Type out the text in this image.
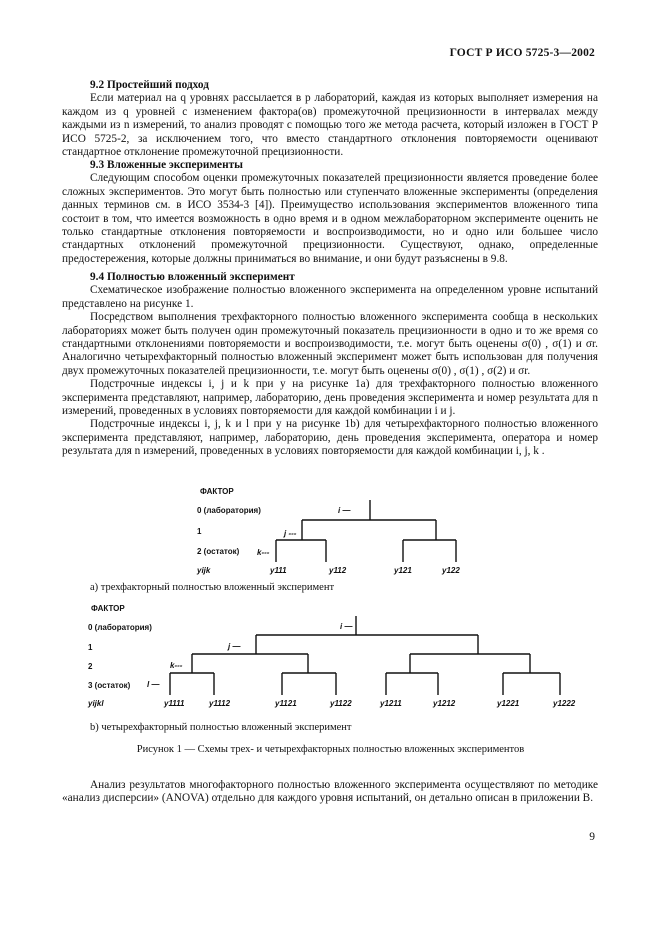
ГОСТ Р ИСО 5725-3—2002
9.2 Простейший подход

Если материал на q уровнях рассылается в p лабораторий, каждая из которых выполняет измерения на каждом из q уровней с изменением фактора(ов) промежуточной прецизионности в интервалах между каждыми из n измерений, то анализ проводят с помощью того же метода расчета, который изложен в ГОСТ Р ИСО 5725-2, за исключением того, что вместо стандартного отклонения повторяемости оценивают стандартное отклонение промежуточной прецизионности.

9.3 Вложенные эксперименты

Следующим способом оценки промежуточных показателей прецизионности является проведение более сложных экспериментов. Это могут быть полностью или ступенчато вложенные эксперименты (определения данных терминов см. в ИСО 3534-3 [4]). Преимущество использования экспериментов вложенного типа состоит в том, что имеется возможность в одно время и в одном межлабораторном эксперименте оценить не только стандартные отклонения повторяемости и воспроизводимости, но и одно или большее число стандартных отклонений промежуточной прецизионности. Существуют, однако, определенные предостережения, которые должны приниматься во внимание, и они будут разъяснены в 9.8.

9.4 Полностью вложенный эксперимент

Схематическое изображение полностью вложенного эксперимента на определенном уровне испытаний представлено на рисунке 1.

Посредством выполнения трехфакторного полностью вложенного эксперимента сообща в нескольких лабораториях может быть получен один промежуточный показатель прецизионности в одно и то же время со стандартными отклонениями повторяемости и воспроизводимости, т.е. могут быть оценены σ(0) , σ(1) и σr. Аналогично четырехфакторный полностью вложенный эксперимент может быть использован для получения двух промежуточных показателей прецизионности, т.е. могут быть оценены σ(0) , σ(1) , σ(2) и σr.

Подстрочные индексы i, j и k при y на рисунке 1а) для трехфакторного полностью вложенного эксперимента представляют, например, лабораторию, день проведения эксперимента и номер результата для n измерений, проведенных в условиях повторяемости для каждой комбинации i и j.

Подстрочные индексы i, j, k и l при y на рисунке 1b) для четырехфакторного полностью вложенного эксперимента представляют, например, лабораторию, день проведения эксперимента, оператора и номер результата для n измерений, проведенных в условиях повторяемости для каждой комбинации i, j, k .

ФАКТОР
0 (лаборатория)
1
2 (остаток)
yijk
i —
j ---
k---
y111	y112	y121	y122
а) трехфакторный полностью вложенный эксперимент
ФАКТОР
0 (лаборатория)
1
2
3 (остаток)
yijkl
i —
j —
k---
l —
y1111	y1112	y1121	y1122	y1211	y1212	y1221	y1222
b) четырехфакторный полностью вложенный эксперимент
Рисунок 1 — Схемы трех- и четырехфакторных полностью вложенных экспериментов

Анализ результатов многофакторного полностью вложенного эксперимента осуществляют по методике «анализ дисперсии» (ANOVA) отдельно для каждого уровня испытаний, он детально описан в приложении В.

9
